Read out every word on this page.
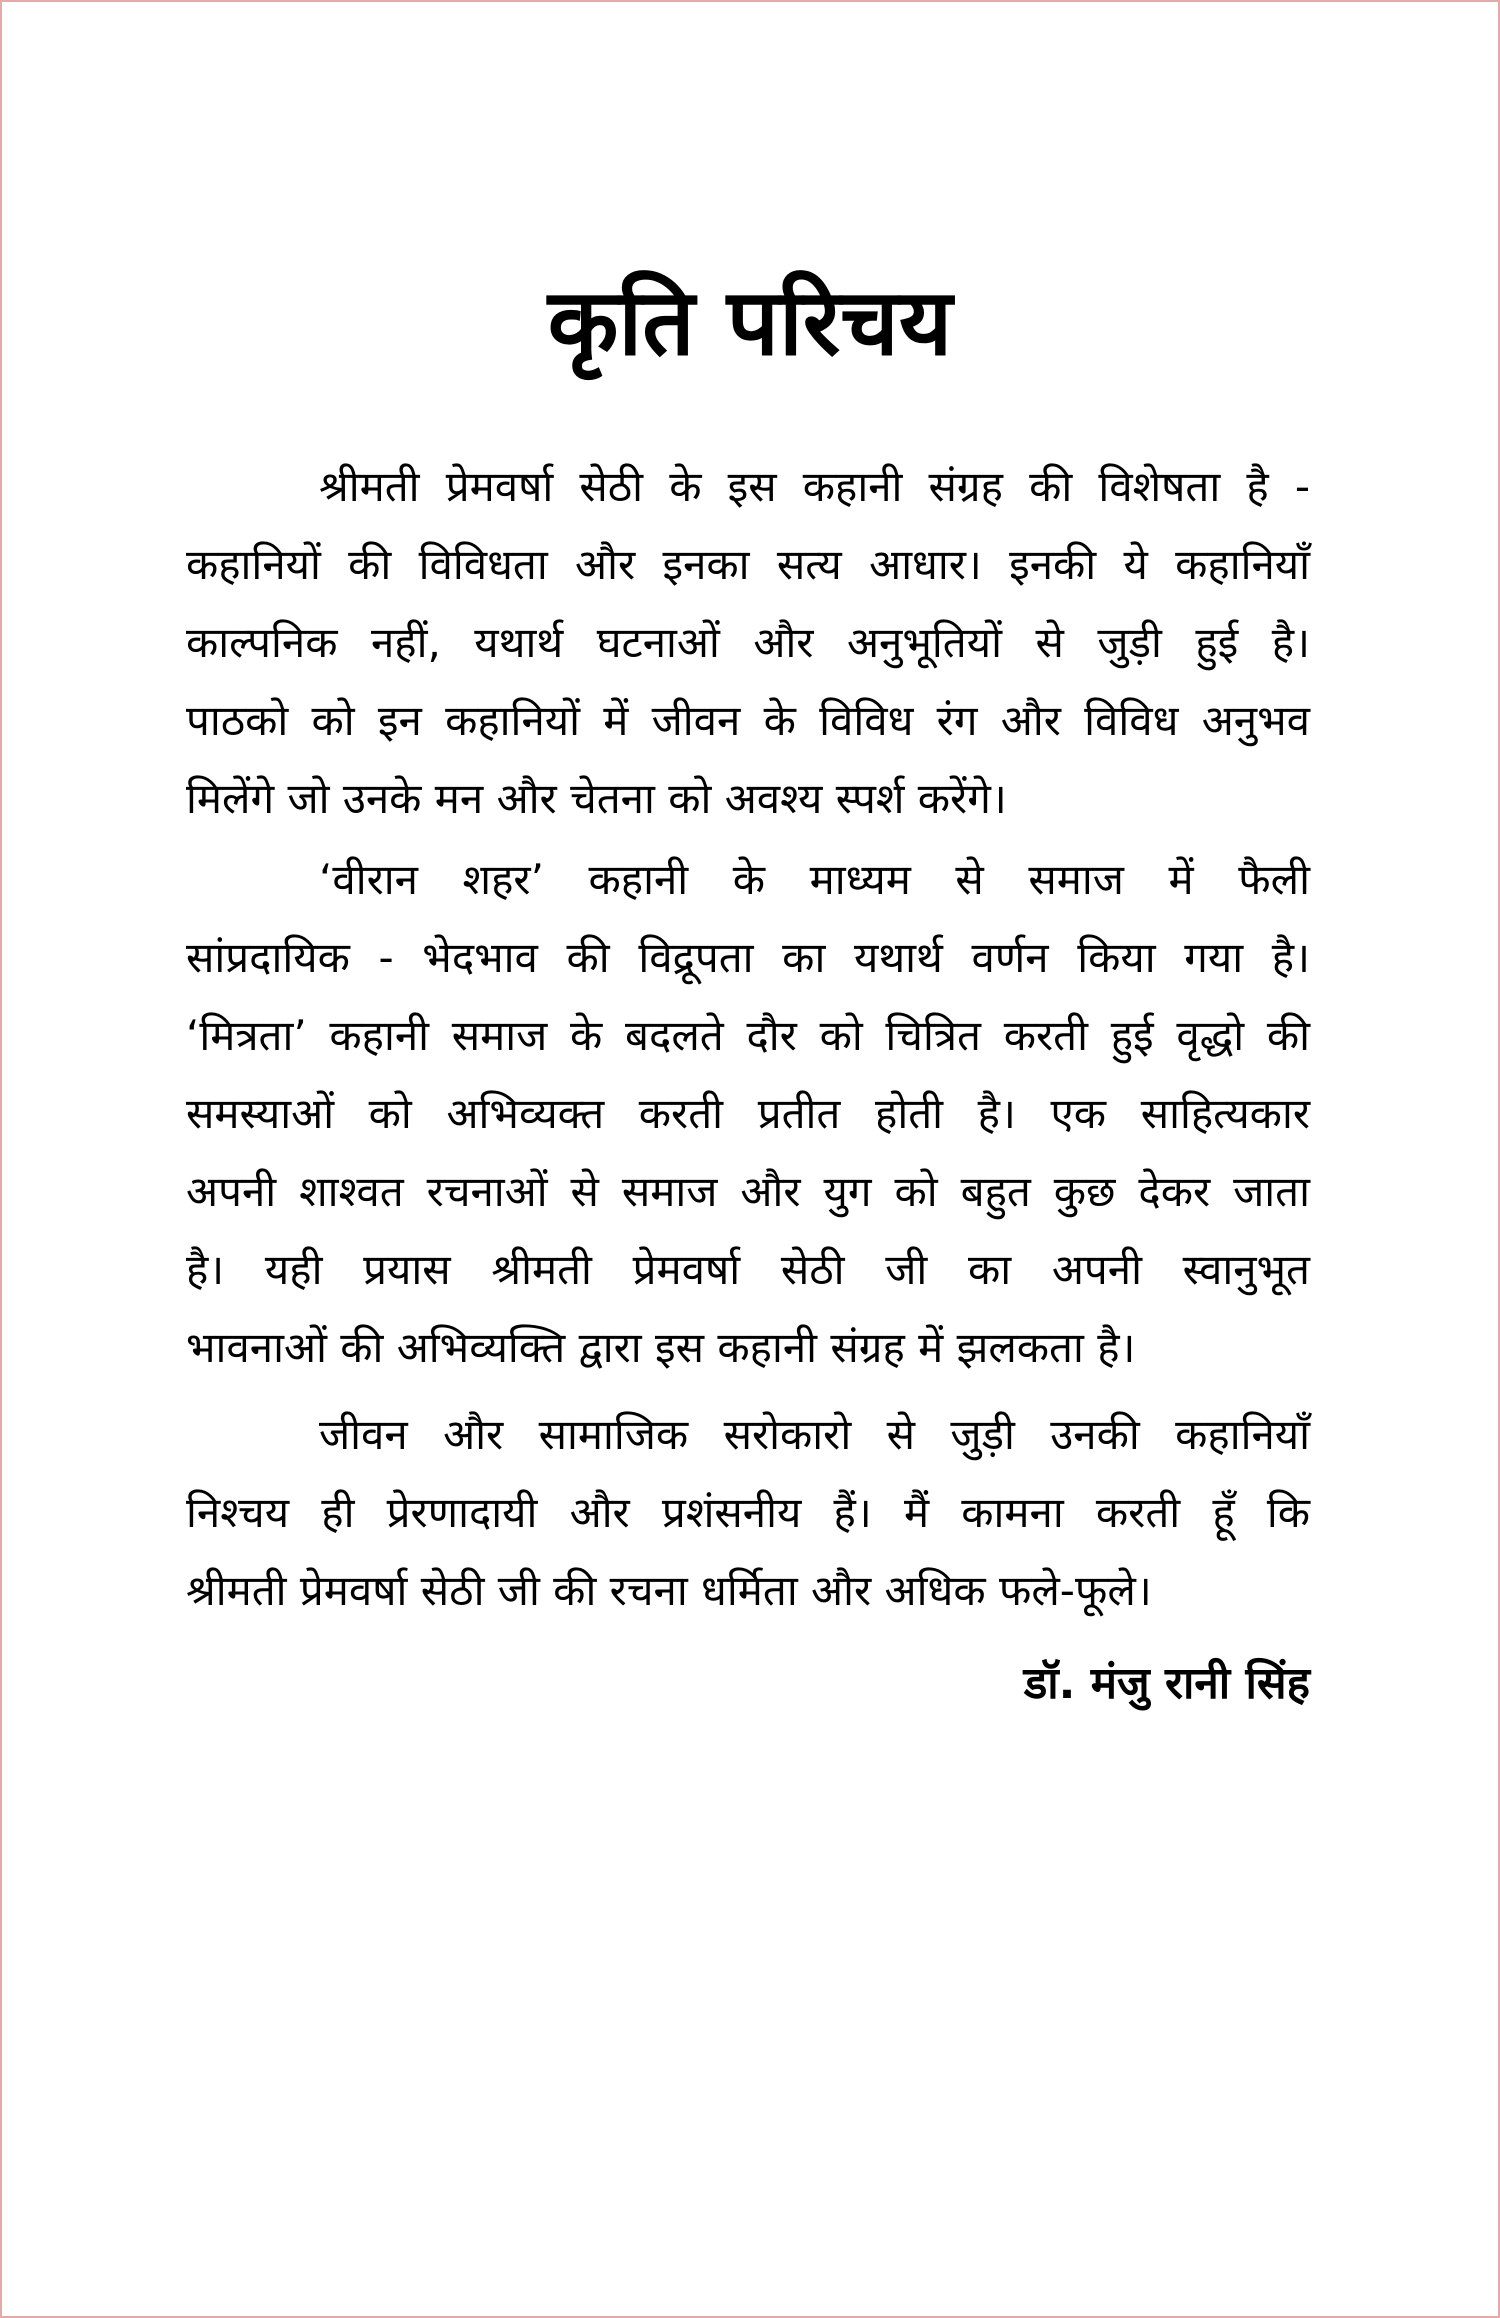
कृति परिचय
श्रीमती प्रेमवर्षा सेठी के इस कहानी संग्रह की विशेषता है -
कहानियों की विविधता और इनका सत्य आधार। इनकी ये कहानियाँ
काल्पनिक नहीं, यथार्थ घटनाओं और अनुभूतियों से जुड़ी हुई है।
पाठको को इन कहानियों में जीवन के विविध रंग और विविध अनुभव
मिलेंगे जो उनके मन और चेतना को अवश्य स्पर्श करेंगे।
‘वीरान शहर’ कहानी के माध्यम से समाज में फैली
सांप्रदायिक - भेदभाव की विद्रूपता का यथार्थ वर्णन किया गया है।
‘मित्रता’ कहानी समाज के बदलते दौर को चित्रित करती हुई वृद्धो की
समस्याओं को अभिव्यक्त करती प्रतीत होती है। एक साहित्यकार
अपनी शाश्वत रचनाओं से समाज और युग को बहुत कुछ देकर जाता
है। यही प्रयास श्रीमती प्रेमवर्षा सेठी जी का अपनी स्वानुभूत
भावनाओं की अभिव्यक्ति द्वारा इस कहानी संग्रह में झलकता है।
जीवन और सामाजिक सरोकारो से जुड़ी उनकी कहानियाँ
निश्चय ही प्रेरणादायी और प्रशंसनीय हैं। मैं कामना करती हूँ कि
श्रीमती प्रेमवर्षा सेठी जी की रचना धर्मिता और अधिक फले-फूले।
डॉ. मंजु रानी सिंह
